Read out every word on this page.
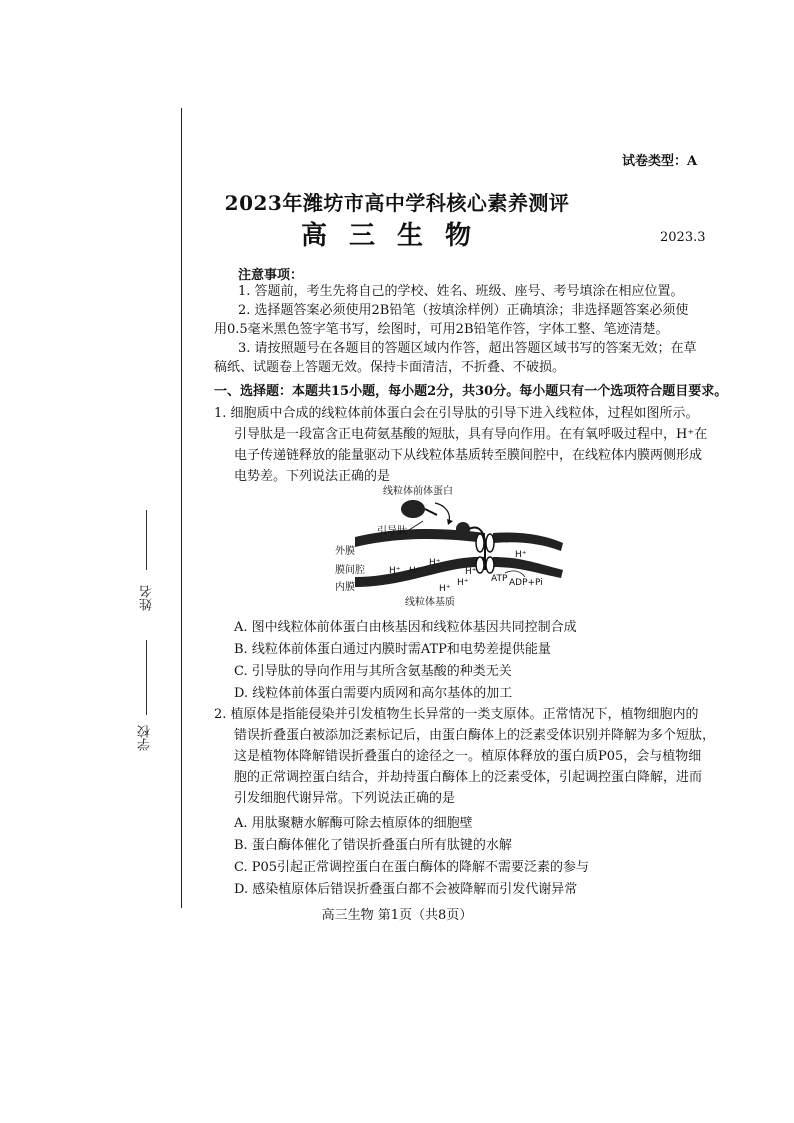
姓名
学校
试卷类型：A
2023年潍坊市高中学科核心素养测评
高三生物	2023.3
注意事项：
1. 答题前，考生先将自己的学校、姓名、班级、座号、考号填涂在相应位置。
2. 选择题答案必须使用2B铅笔（按填涂样例）正确填涂；非选择题答案必须使
用0.5毫米黑色签字笔书写，绘图时，可用2B铅笔作答，字体工整、笔迹清楚。
3. 请按照题号在各题目的答题区域内作答，超出答题区域书写的答案无效；在草
稿纸、试题卷上答题无效。保持卡面清洁，不折叠、不破损。
一、选择题：本题共15小题，每小题2分，共30分。每小题只有一个选项符合题目要求。
1. 细胞质中合成的线粒体前体蛋白会在引导肽的引导下进入线粒体，过程如图所示。
引导肽是一段富含正电荷氨基酸的短肽，具有导向作用。在有氧呼吸过程中，H⁺在
电子传递链释放的能量驱动下从线粒体基质转至膜间腔中，在线粒体内膜两侧形成
电势差。下列说法正确的是
线粒体前体蛋白
引导肽
外膜
膜间腔
内膜
线粒体基质
H⁺ H⁺
H⁺
H⁺
H⁺
H⁺
H⁺ ATP ADP+Pi
A. 图中线粒体前体蛋白由核基因和线粒体基因共同控制合成
B. 线粒体前体蛋白通过内膜时需ATP和电势差提供能量
C. 引导肽的导向作用与其所含氨基酸的种类无关
D. 线粒体前体蛋白需要内质网和高尔基体的加工
2. 植原体是指能侵染并引发植物生长异常的一类支原体。正常情况下，植物细胞内的
错误折叠蛋白被添加泛素标记后，由蛋白酶体上的泛素受体识别并降解为多个短肽，
这是植物体降解错误折叠蛋白的途径之一。植原体释放的蛋白质P05，会与植物细
胞的正常调控蛋白结合，并劫持蛋白酶体上的泛素受体，引起调控蛋白降解，进而
引发细胞代谢异常。下列说法正确的是
A. 用肽聚糖水解酶可除去植原体的细胞壁
B. 蛋白酶体催化了错误折叠蛋白所有肽键的水解
C. P05引起正常调控蛋白在蛋白酶体的降解不需要泛素的参与
D. 感染植原体后错误折叠蛋白都不会被降解而引发代谢异常
高三生物 第1页（共8页）
